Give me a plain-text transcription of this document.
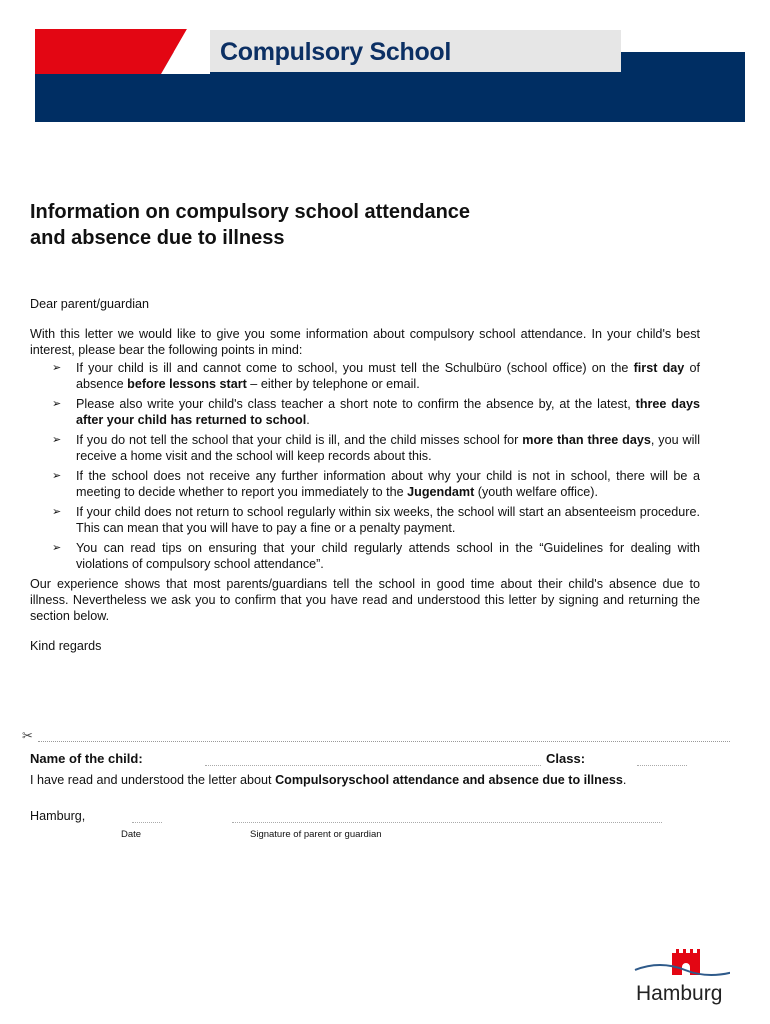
Compulsory School
Information on compulsory school attendance
and absence due to illness

Dear parent/guardian

With this letter we would like to give you some information about compulsory school attendance. In your child's best interest, please bear the following points in mind:

➢ If your child is ill and cannot come to school, you must tell the Schulbüro (school office) on the first day of absence before lessons start – either by telephone or email.
➢ Please also write your child's class teacher a short note to confirm the absence by, at the latest, three days after your child has returned to school.
➢ If you do not tell the school that your child is ill, and the child misses school for more than three days, you will receive a home visit and the school will keep records about this.
➢ If the school does not receive any further information about why your child is not in school, there will be a meeting to decide whether to report you immediately to the Jugendamt (youth welfare office).
➢ If your child does not return to school regularly within six weeks, the school will start an absenteeism procedure. This can mean that you will have to pay a fine or a penalty payment.
➢ You can read tips on ensuring that your child regularly attends school in the “Guidelines for dealing with violations of compulsory school attendance”.

Our experience shows that most parents/guardians tell the school in good time about their child's absence due to illness. Nevertheless we ask you to confirm that you have read and understood this letter by signing and returning the section below.

Kind regards

✂
Name of the child:	Class:
I have read and understood the letter about Compulsoryschool attendance and absence due to illness.
Hamburg,
Date	Signature of parent or guardian
Hamburg
